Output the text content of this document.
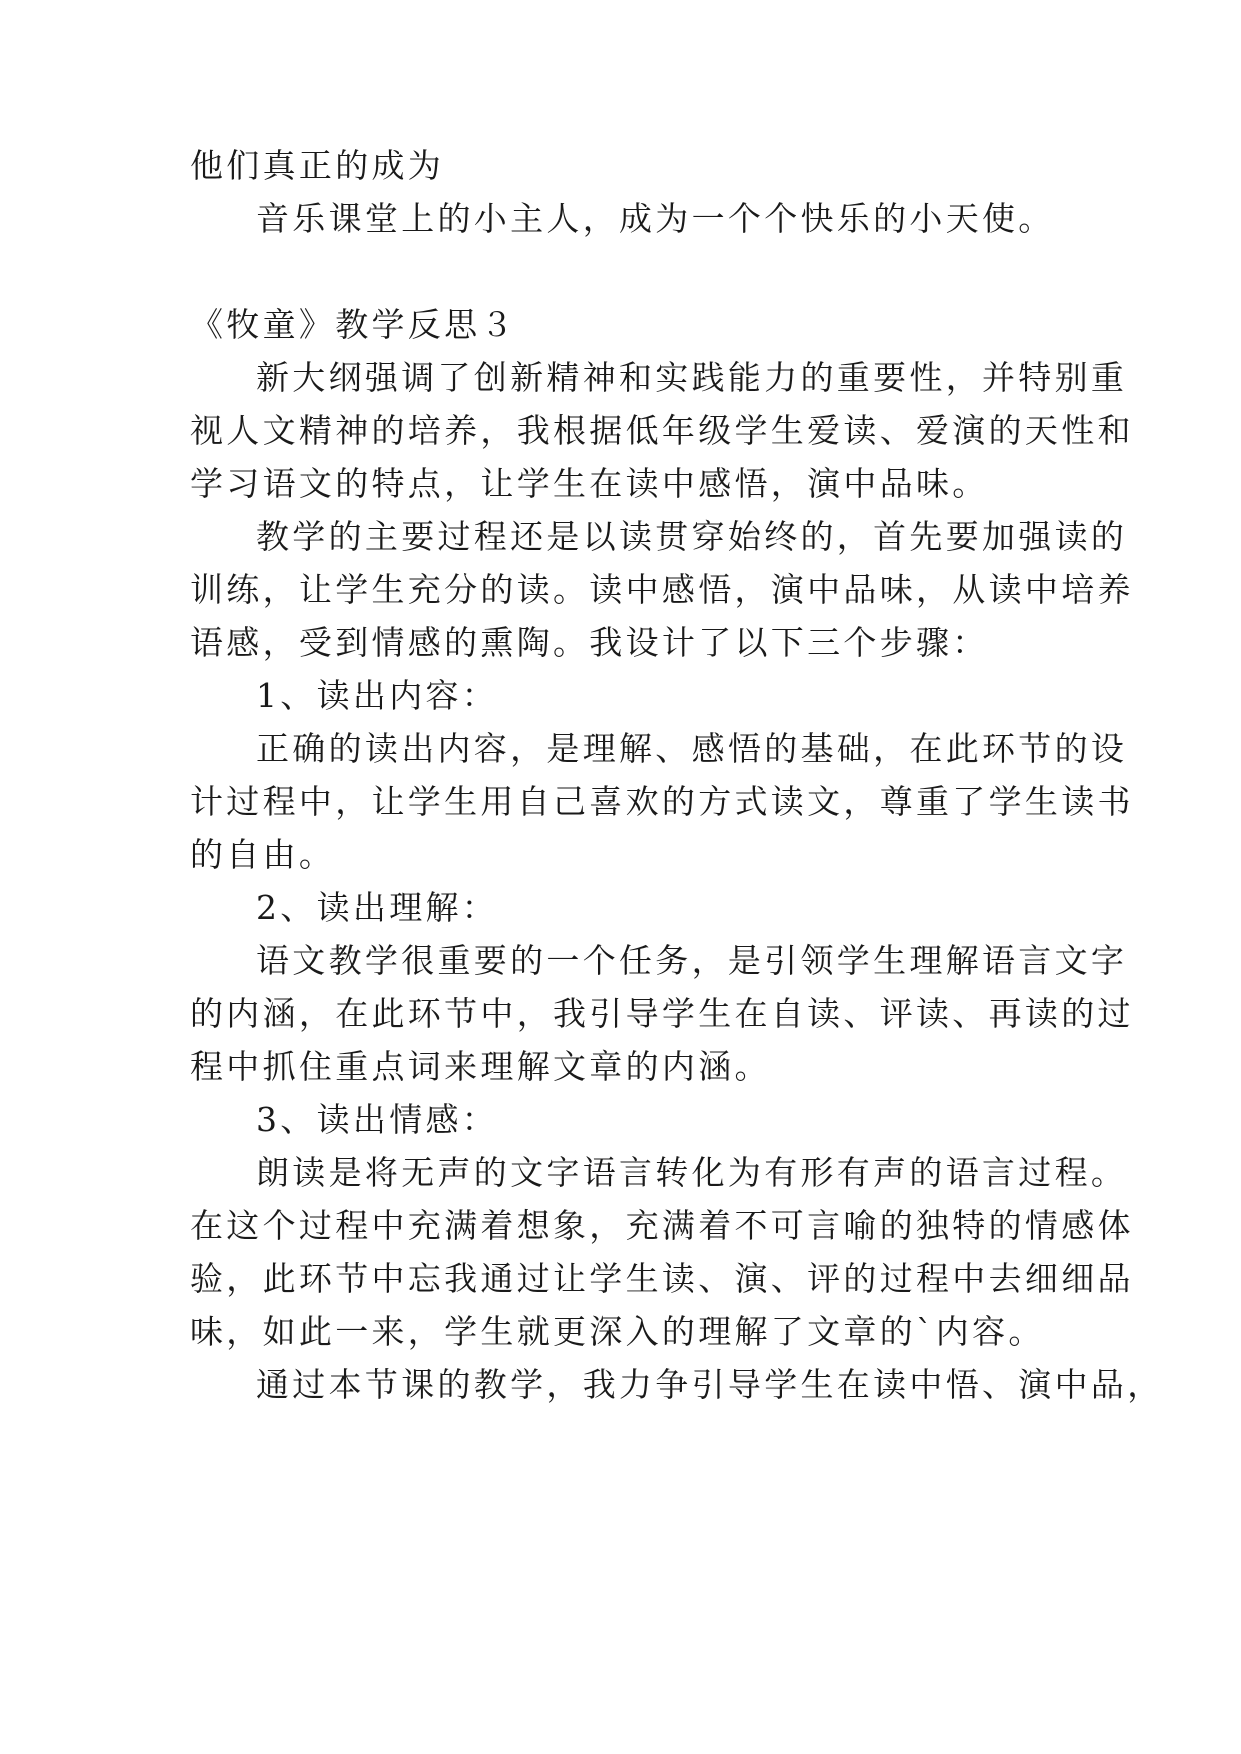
他们真正的成为
音乐课堂上的小主人，成为一个个快乐的小天使。
《牧童》教学反思３
新大纲强调了创新精神和实践能力的重要性，并特别重
视人文精神的培养，我根据低年级学生爱读、爱演的天性和
学习语文的特点，让学生在读中感悟，演中品味。
教学的主要过程还是以读贯穿始终的，首先要加强读的
训练，让学生充分的读。读中感悟，演中品味，从读中培养
语感，受到情感的熏陶。我设计了以下三个步骤：
1、读出内容：
正确的读出内容，是理解、感悟的基础，在此环节的设
计过程中，让学生用自己喜欢的方式读文，尊重了学生读书
的自由。
2、读出理解：
语文教学很重要的一个任务，是引领学生理解语言文字
的内涵，在此环节中，我引导学生在自读、评读、再读的过
程中抓住重点词来理解文章的内涵。
3、读出情感：
朗读是将无声的文字语言转化为有形有声的语言过程。
在这个过程中充满着想象，充满着不可言喻的独特的情感体
验，此环节中忘我通过让学生读、演、评的过程中去细细品
味，如此一来，学生就更深入的理解了文章的`内容。
通过本节课的教学，我力争引导学生在读中悟、演中品，
